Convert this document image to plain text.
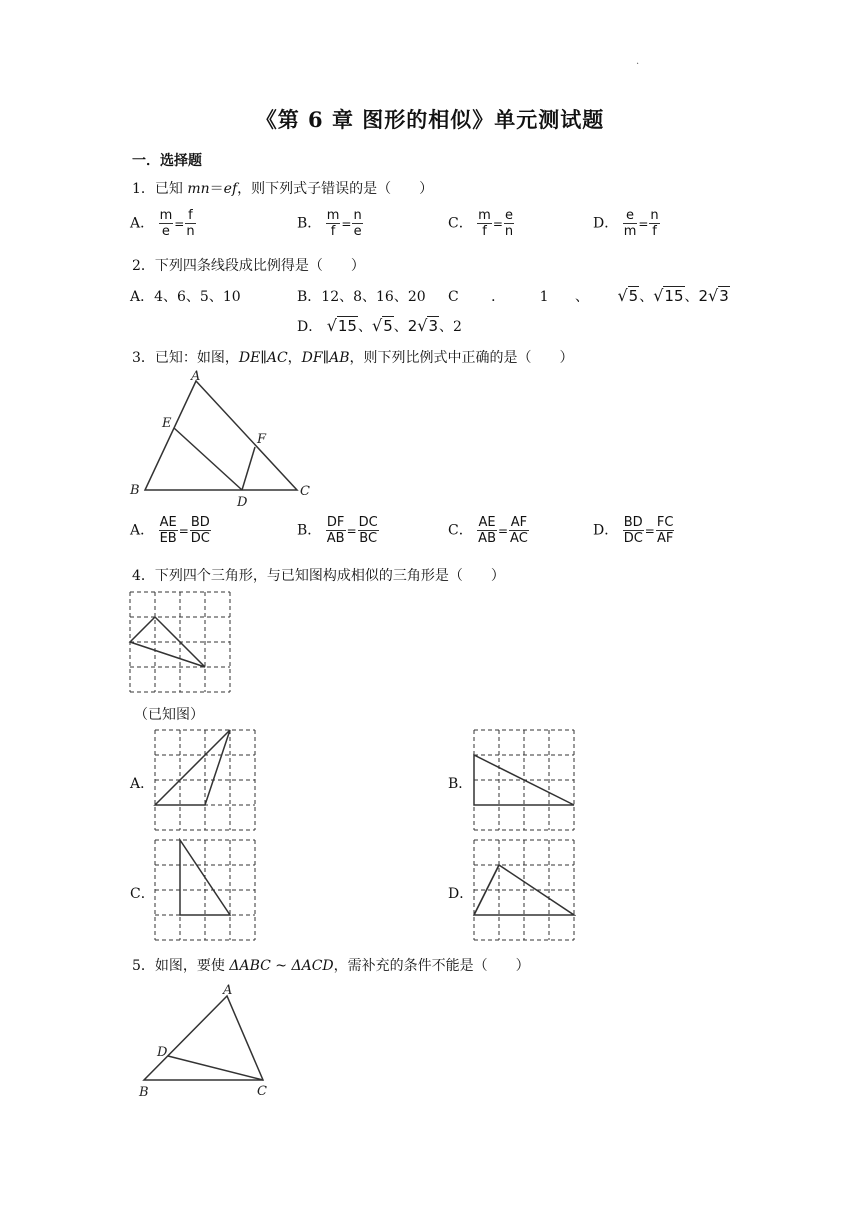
.
《第 6 章 图形的相似》单元测试题
一．选择题
1．已知 mn＝ef，则下列式子错误的是（　　）
A． $\frac{m}{e} = \frac{f}{n}$	B． $\frac{m}{f} = \frac{n}{e}$	C． $\frac{m}{f} = \frac{e}{n}$	D． $\frac{e}{m} = \frac{n}{f}$
2．下列四条线段成比例得是（　　）
A．4、6、5、10	B．12、8、16、20 C ． 1 、 √5、√15、2√3
D． √15、√5、2√3、2
3．已知：如图，DE∥AC，DF∥AB，则下列比例式中正确的是（　　）
A
E
F
B
D
C
A． $\frac{AE}{EB} = \frac{BD}{DC}$	B． $\frac{DF}{AB} = \frac{DC}{BC}$	C． $\frac{AE}{AB} = \frac{AF}{AC}$	D． $\frac{BD}{DC} = \frac{FC}{AF}$
4．下列四个三角形，与已知图构成相似的三角形是（　　）
（已知图）
A．	B．
C．	D．
5．如图，要使 ΔABC ~ ΔACD，需补充的条件不能是（　　）
A
D
B	C
